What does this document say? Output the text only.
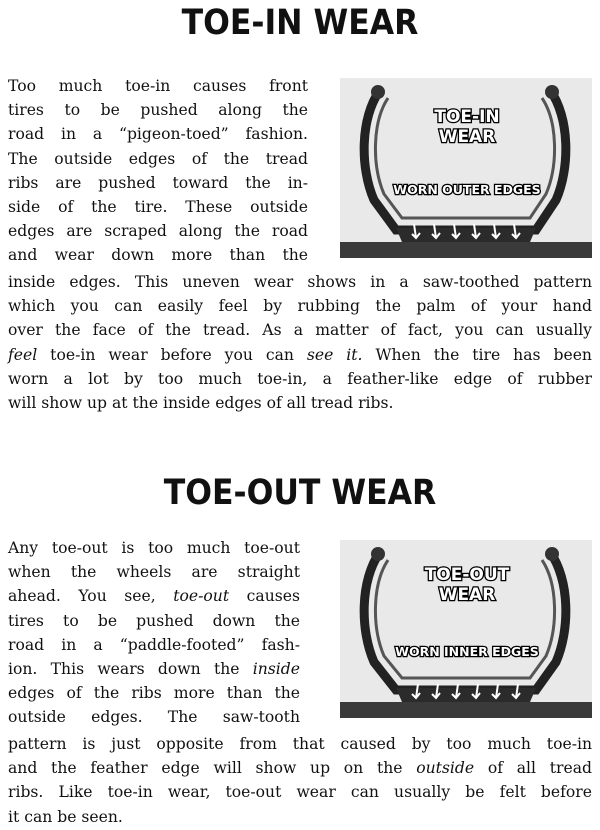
TOE-IN WEAR
Too much toe-in causes front
tires to be pushed along the
road in a “pigeon-toed” fashion.
The outside edges of the tread
ribs are pushed toward the in-
side of the tire. These outside
edges are scraped along the road
and wear down more than the
TOE-IN
WEAR
WORN OUTER EDGES
inside edges. This uneven wear shows in a saw-toothed pattern
which you can easily feel by rubbing the palm of your hand
over the face of the tread. As a matter of fact, you can usually
feel toe-in wear before you can see it. When the tire has been
worn a lot by too much toe-in, a feather-like edge of rubber
will show up at the inside edges of all tread ribs.
TOE-OUT WEAR
Any toe-out is too much toe-out
when the wheels are straight
ahead. You see, toe-out causes
tires to be pushed down the
road in a “paddle-footed” fash-
ion. This wears down the inside
edges of the ribs more than the
outside edges. The saw-tooth
TOE-OUT
WEAR
WORN INNER EDGES
pattern is just opposite from that caused by too much toe-in
and the feather edge will show up on the outside of all tread
ribs. Like toe-in wear, toe-out wear can usually be felt before
it can be seen.
